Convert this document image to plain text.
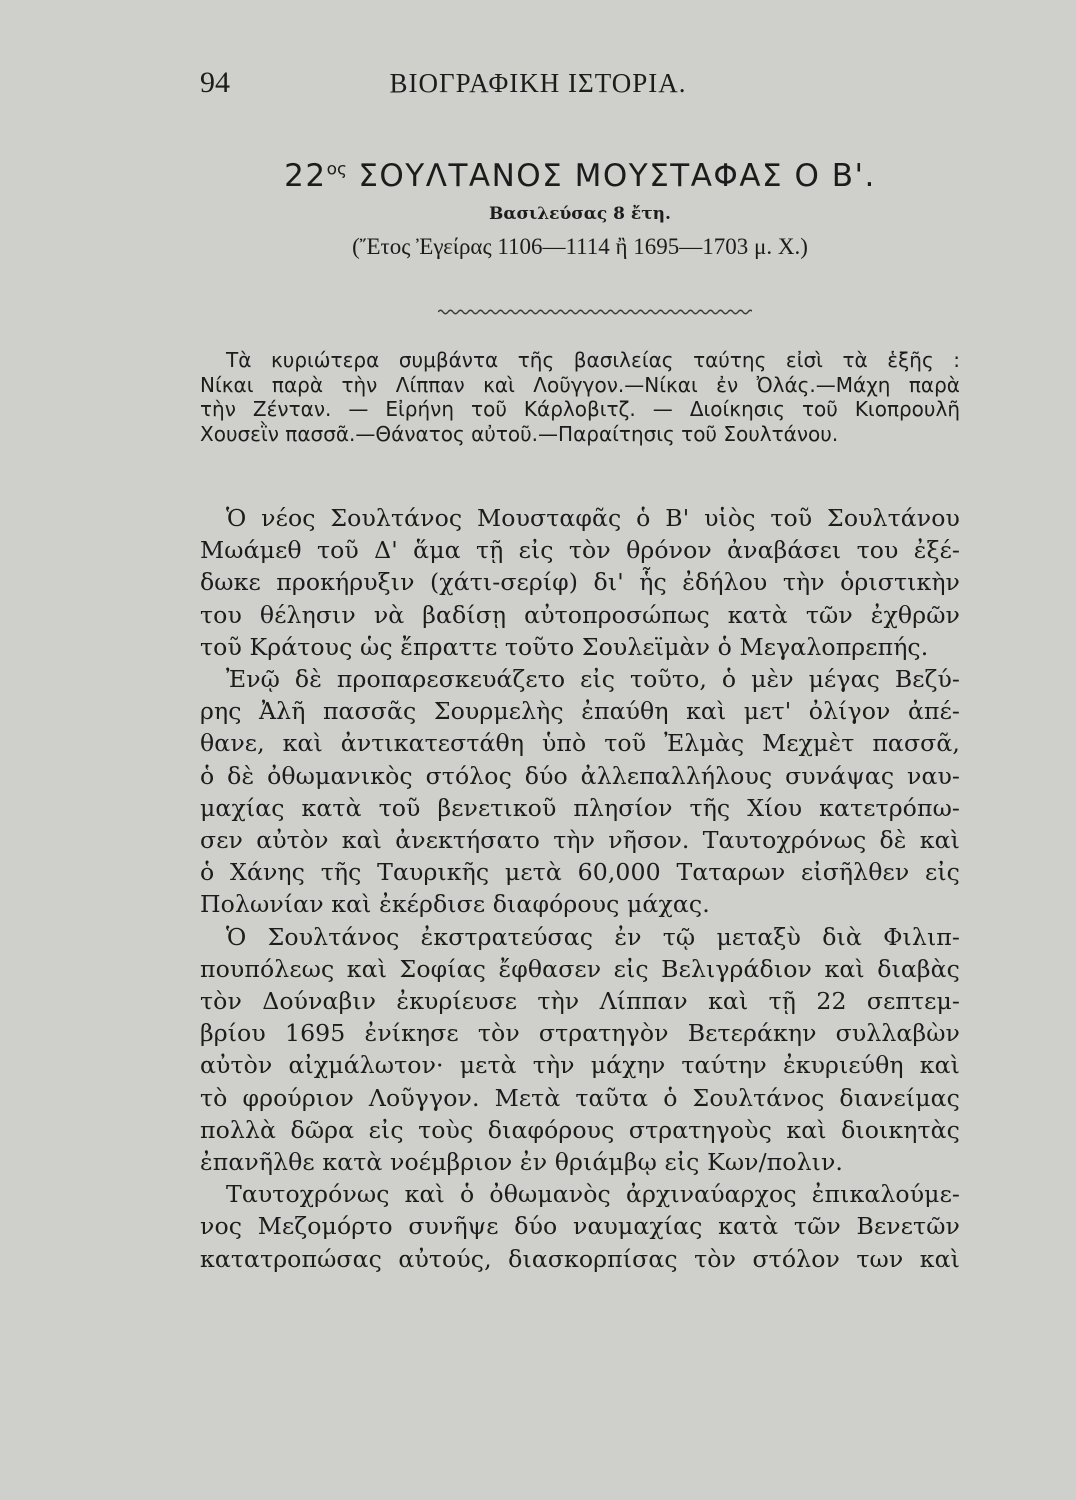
94	ΒΙΟΓΡΑΦΙΚΗ ΙΣΤΟΡΙΑ.
$22^{o\varsigma}$ ΣΟΥΛΤΑΝΟΣ ΜΟΥΣΤΑΦΑΣ Ο Β'.
Βασιλεύσας 8 ἔτη.
(Ἔτος Ἐγείρας 1106—1114 ἢ 1695—1703 μ. Χ.)
Τὰ κυριώτερα συμβάντα τῆς βασιλείας ταύτης εἰσὶ τὰ ἑξῆς :
Νίκαι παρὰ τὴν Λίππαν καὶ Λοῦγγον.—Νίκαι ἐν Ὀλάς.—Μάχη παρὰ
τὴν Ζένταν. — Εἰρήνη τοῦ Κάρλοβιτζ. — Διοίκησις τοῦ Κιοπρουλῆ
Χουσεῒν πασσᾶ.—Θάνατος αὐτοῦ.—Παραίτησις τοῦ Σουλτάνου.
Ὁ νέος Σουλτάνος Μουσταφᾶς ὁ Β' υἱὸς τοῦ Σουλτάνου
Μωάμεθ τοῦ Δ' ἅμα τῇ εἰς τὸν θρόνον ἀναβάσει του ἐξέ-
δωκε προκήρυξιν (χάτι-σερίφ) δι' ἧς ἐδήλου τὴν ὁριστικὴν
του θέλησιν νὰ βαδίσῃ αὐτοπροσώπως κατὰ τῶν ἐχθρῶν
τοῦ Κράτους ὡς ἔπραττε τοῦτο Σουλεϊμὰν ὁ Μεγαλοπρεπής.
Ἐνῷ δὲ προπαρεσκευάζετο εἰς τοῦτο, ὁ μὲν μέγας Βεζύ-
ρης Ἀλῆ πασσᾶς Σουρμελὴς ἐπαύθη καὶ μετ' ὀλίγον ἀπέ-
θανε, καὶ ἀντικατεστάθη ὑπὸ τοῦ Ἐλμὰς Μεχμὲτ πασσᾶ,
ὁ δὲ ὀθωμανικὸς στόλος δύο ἀλλεπαλλήλους συνάψας ναυ-
μαχίας κατὰ τοῦ βενετικοῦ πλησίον τῆς Χίου κατετρόπω-
σεν αὐτὸν καὶ ἀνεκτήσατο τὴν νῆσον. Ταυτοχρόνως δὲ καὶ
ὁ Χάνης τῆς Ταυρικῆς μετὰ 60,000 Ταταρων εἰσῆλθεν εἰς
Πολωνίαν καὶ ἐκέρδισε διαφόρους μάχας.
Ὁ Σουλτάνος ἐκστρατεύσας ἐν τῷ μεταξὺ διὰ Φιλιπ-
πουπόλεως καὶ Σοφίας ἔφθασεν εἰς Βελιγράδιον καὶ διαβὰς
τὸν Δούναβιν ἐκυρίευσε τὴν Λίππαν καὶ τῇ 22 σεπτεμ-
βρίου 1695 ἐνίκησε τὸν στρατηγὸν Βετεράκην συλλαβὼν
αὐτὸν αἰχμάλωτον· μετὰ τὴν μάχην ταύτην ἐκυριεύθη καὶ
τὸ φρούριον Λοῦγγον. Μετὰ ταῦτα ὁ Σουλτάνος διανείμας
πολλὰ δῶρα εἰς τοὺς διαφόρους στρατηγοὺς καὶ διοικητὰς
ἐπανῆλθε κατὰ νοέμβριον ἐν θριάμβῳ εἰς Κων/πολιν.
Ταυτοχρόνως καὶ ὁ ὀθωμανὸς ἀρχιναύαρχος ἐπικαλούμε-
νος Μεζομόρτο συνῆψε δύο ναυμαχίας κατὰ τῶν Βενετῶν
κατατροπώσας αὐτούς, διασκορπίσας τὸν στόλον των καὶ
